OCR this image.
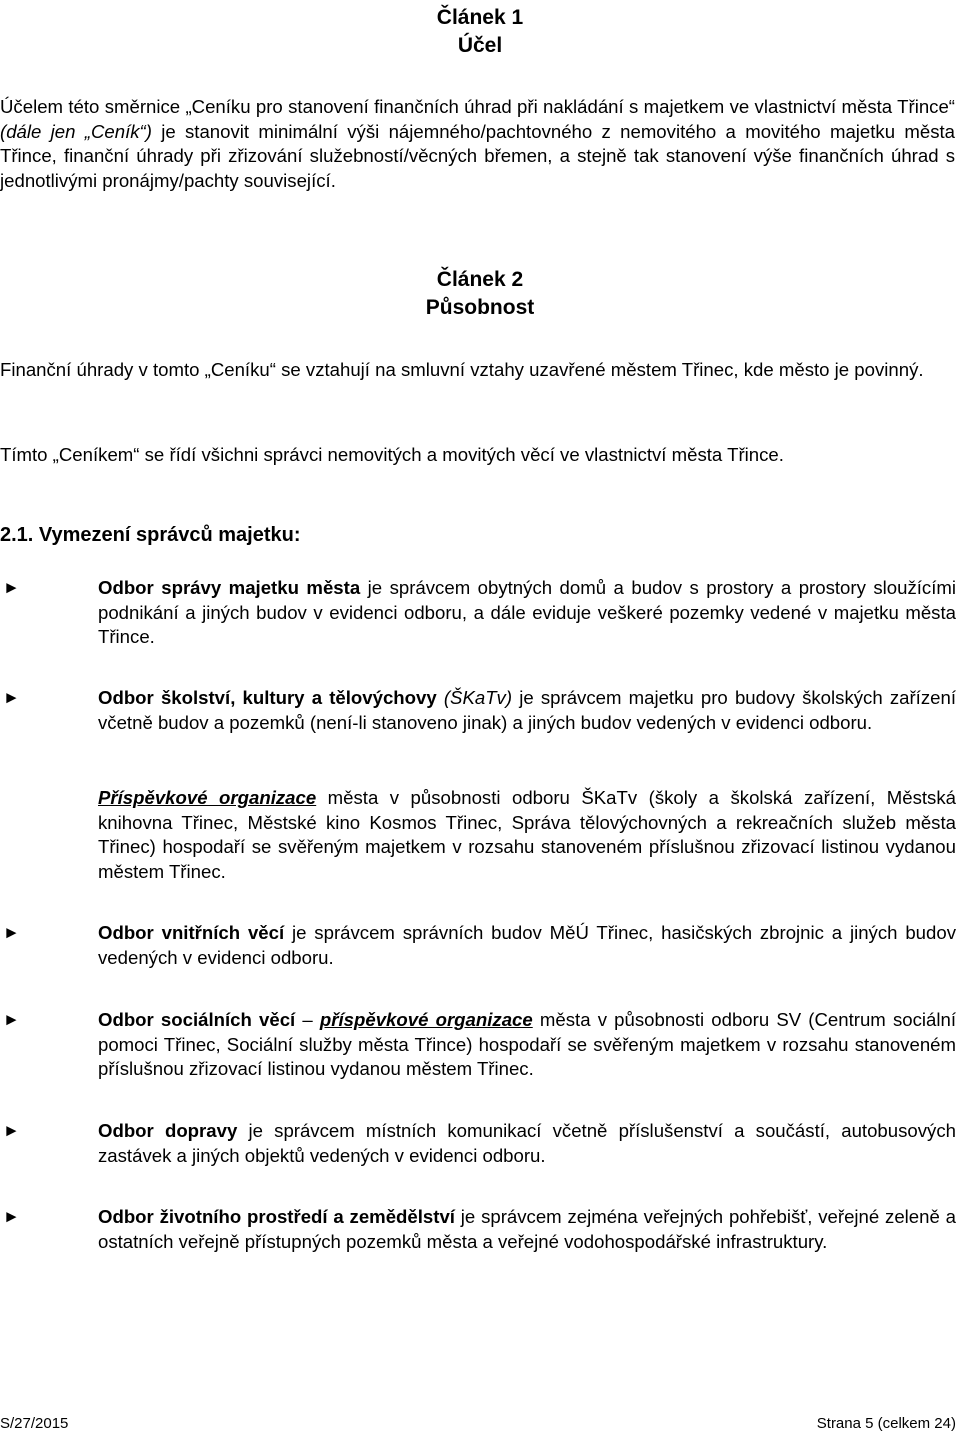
Článek 1
Účel

Účelem této směrnice „Ceníku pro stanovení finančních úhrad při nakládání s majetkem ve vlastnictví města Třince“ (dále jen „Ceník“) je stanovit minimální výši nájemného/pachtovného z nemovitého a movitého majetku města Třince, finanční úhrady při zřizování služebností/věcných břemen, a stejně tak stanovení výše finančních úhrad s jednotlivými pronájmy/pachty související.

Článek 2
Působnost

Finanční úhrady v tomto „Ceníku“ se vztahují na smluvní vztahy uzavřené městem Třinec, kde město je povinný.

Tímto „Ceníkem“ se řídí všichni správci nemovitých a movitých věcí ve vlastnictví města Třince.

2.1. Vymezení správců majetku:
►	Odbor správy majetku města je správcem obytných domů a budov s prostory a prostory sloužícími podnikání a jiných budov v evidenci odboru, a dále eviduje veškeré pozemky vedené v majetku města Třince.

►	Odbor školství, kultury a tělovýchovy (ŠKaTv) je správcem majetku pro budovy školských zařízení včetně budov a pozemků (není-li stanoveno jinak) a jiných budov vedených v evidenci odboru.

Příspěvkové organizace města v působnosti odboru ŠKaTv (školy a školská zařízení, Městská knihovna Třinec, Městské kino Kosmos Třinec, Správa tělovýchovných a rekreačních služeb města Třinec) hospodaří se svěřeným majetkem v rozsahu stanoveném příslušnou zřizovací listinou vydanou městem Třinec.

►	Odbor vnitřních věcí je správcem správních budov MěÚ Třinec, hasičských zbrojnic a jiných budov vedených v evidenci odboru.

►	Odbor sociálních věcí – příspěvkové organizace města v působnosti odboru SV (Centrum sociální pomoci Třinec, Sociální služby města Třince) hospodaří se svěřeným majetkem v rozsahu stanoveném příslušnou zřizovací listinou vydanou městem Třinec.

►	Odbor dopravy je správcem místních komunikací včetně příslušenství a součástí, autobusových zastávek a jiných objektů vedených v evidenci odboru.

►	Odbor životního prostředí a zemědělství je správcem zejména veřejných pohřebišť, veřejné zeleně a ostatních veřejně přístupných pozemků města a veřejné vodohospodářské infrastruktury.

S/27/2015	Strana 5 (celkem 24)
